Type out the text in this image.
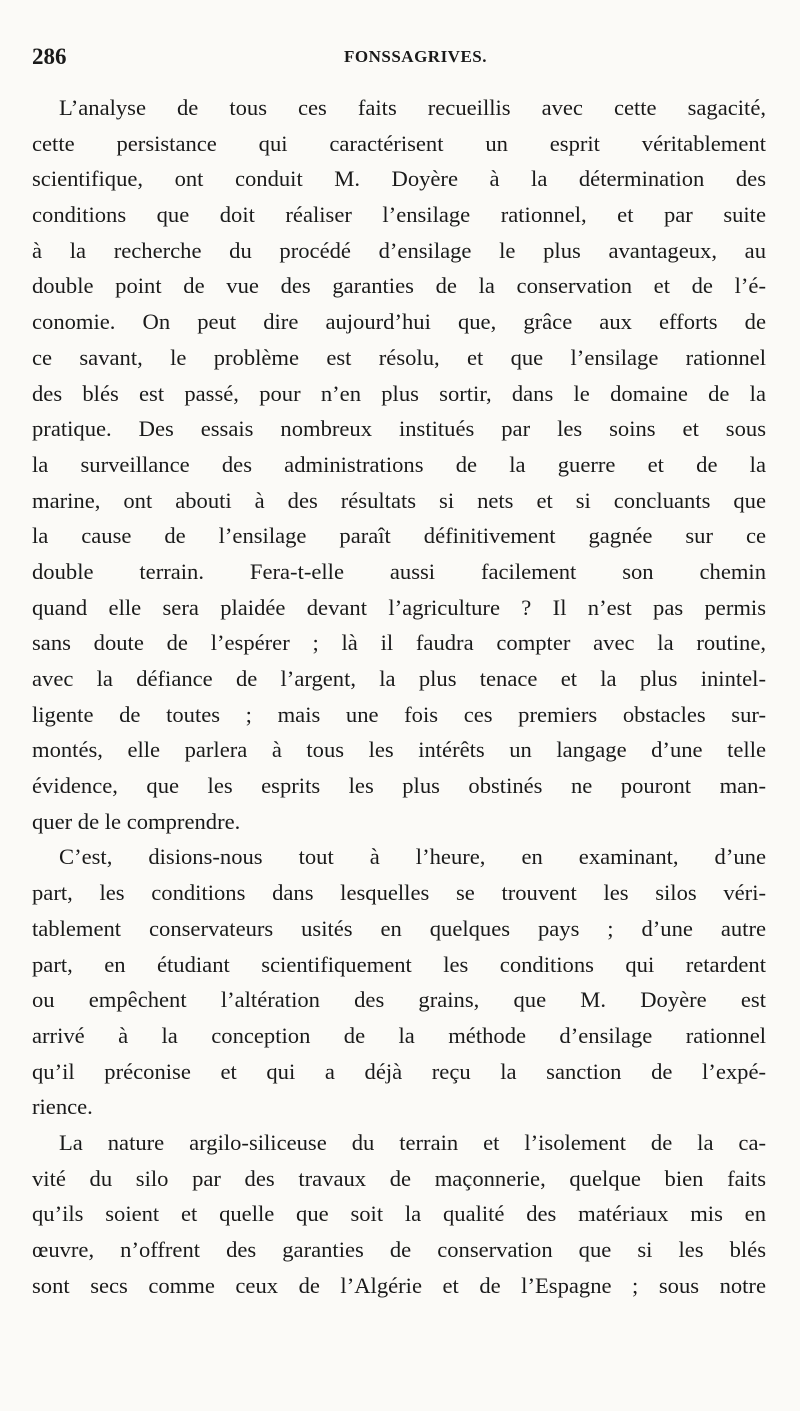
286	FONSSAGRIVES.
L’analyse de tous ces faits recueillis avec cette sagacité,
cette persistance qui caractérisent un esprit véritablement
scientifique, ont conduit M. Doyère à la détermination des
conditions que doit réaliser l’ensilage rationnel, et par suite
à la recherche du procédé d’ensilage le plus avantageux, au
double point de vue des garanties de la conservation et de l’é-
conomie. On peut dire aujourd’hui que, grâce aux efforts de
ce savant, le problème est résolu, et que l’ensilage rationnel
des blés est passé, pour n’en plus sortir, dans le domaine de la
pratique. Des essais nombreux institués par les soins et sous
la surveillance des administrations de la guerre et de la
marine, ont abouti à des résultats si nets et si concluants que
la cause de l’ensilage paraît définitivement gagnée sur ce
double terrain. Fera-t-elle aussi facilement son chemin
quand elle sera plaidée devant l’agriculture ? Il n’est pas permis
sans doute de l’espérer ; là il faudra compter avec la routine,
avec la défiance de l’argent, la plus tenace et la plus inintel-
ligente de toutes ; mais une fois ces premiers obstacles sur-
montés, elle parlera à tous les intérêts un langage d’une telle
évidence, que les esprits les plus obstinés ne pouront man-
quer de le comprendre.
C’est, disions-nous tout à l’heure, en examinant, d’une
part, les conditions dans lesquelles se trouvent les silos véri-
tablement conservateurs usités en quelques pays ; d’une autre
part, en étudiant scientifiquement les conditions qui retardent
ou empêchent l’altération des grains, que M. Doyère est
arrivé à la conception de la méthode d’ensilage rationnel
qu’il préconise et qui a déjà reçu la sanction de l’expé-
rience.
La nature argilo-siliceuse du terrain et l’isolement de la ca-
vité du silo par des travaux de maçonnerie, quelque bien faits
qu’ils soient et quelle que soit la qualité des matériaux mis en
œuvre, n’offrent des garanties de conservation que si les blés
sont secs comme ceux de l’Algérie et de l’Espagne ; sous notre
